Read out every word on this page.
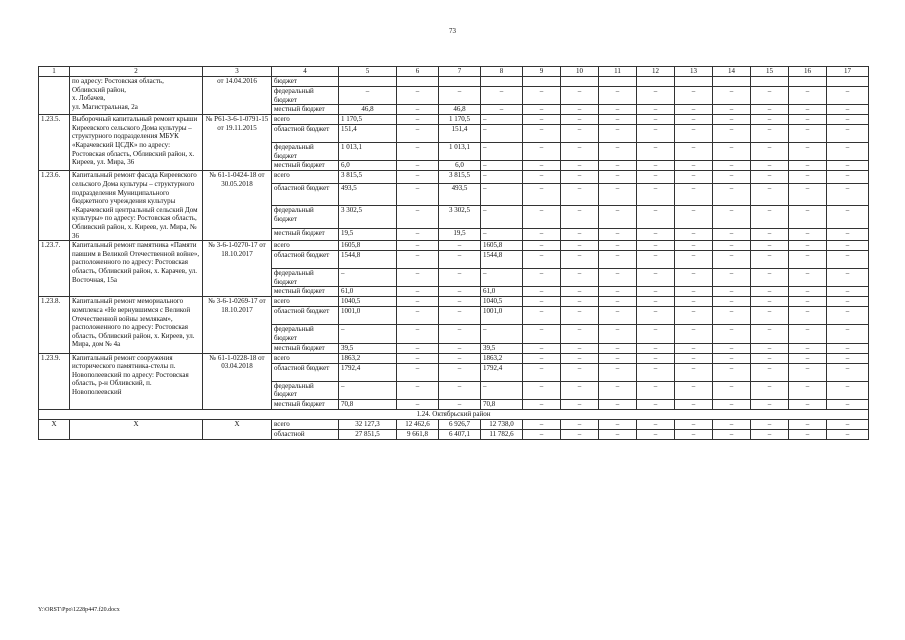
73
1	2	3	4	5	6	7	8	9	10	11	12	13	14	15	16	17

	по адресу: Ростовская область,
Обливский район,
х. Лобачев,
ул. Магистральная, 2а	от 14.04.2016	бюджет													
			федеральный бюджет	–	–	–	–	–	–	–	–	–	–	–	–	–
			местный бюджет	46,8	–	46,8	–	–	–	–	–	–	–	–	–	–
1.23.5.	Выборочный капитальный ремонт крыши Киреевского сельского Дома культуры – структурного подразделения МБУК «Карачевский ЦСДК» по адресу: Ростовская область, Обливский район, х. Киреев, ул. Мира, 36	№ Р61-3-6-1-0791-15 от 19.11.2015	всего	1 170,5	–	1 170,5	–	–	–	–	–	–	–	–	–	–
			областной бюджет	151,4	–	151,4	–	–	–	–	–	–	–	–	–	–
			федеральный бюджет	1 013,1	–	1 013,1	–	–	–	–	–	–	–	–	–	–
			местный бюджет	6,0	–	6,0	–	–	–	–	–	–	–	–	–	–
1.23.6.	Капитальный ремонт фасада Киреевского сельского Дома культуры – структурного подразделения Муниципального бюджетного учреждения культуры «Карачевский центральный сельский Дом культуры» по адресу: Ростовская область, Обливский район, х. Киреев, ул. Мира, № 36	№ 61-1-0424-18 от 30.05.2018	всего	3 815,5	–	3 815,5	–	–	–	–	–	–	–	–	–	–
			областной бюджет	493,5	–	493,5	–	–	–	–	–	–	–	–	–	–
			федеральный бюджет	3 302,5	–	3 302,5	–	–	–	–	–	–	–	–	–	–
			местный бюджет	19,5	–	19,5	–	–	–	–	–	–	–	–	–	–
1.23.7.	Капитальный ремонт памятника «Памяти павшим в Великой Отечественной войне», расположенного по адресу: Ростовская область, Обливский район, х. Карачев, ул. Восточная, 15а	№ 3-6-1-0270-17 от 18.10.2017	всего	1605,8	–	–	1605,8	–	–	–	–	–	–	–	–	–
			областной бюджет	1544,8	–	–	1544,8	–	–	–	–	–	–	–	–	–
			федеральный бюджет	–	–	–	–	–	–	–	–	–	–	–	–	–
			местный бюджет	61,0	–	–	61,0	–	–	–	–	–	–	–	–	–
1.23.8.	Капитальный ремонт мемориального комплекса «Не вернувшимся с Великой Отечественной войны землякам», расположенного по адресу: Ростовская область, Обливский район, х. Киреев, ул. Мира, дом № 4а	№ 3-6-1-0269-17 от 18.10.2017	всего	1040,5	–	–	1040,5	–	–	–	–	–	–	–	–	–
			областной бюджет	1001,0	–	–	1001,0	–	–	–	–	–	–	–	–	–
			федеральный бюджет	–	–	–	–	–	–	–	–	–	–	–	–	–
			местный бюджет	39,5	–	–	39,5	–	–	–	–	–	–	–	–	–
1.23.9.	Капитальный ремонт сооружения исторического памятника-стелы п. Новополеевский по адресу: Ростовская область, р-н Обливский, п. Новополеевский	№ 61-1-0228-18 от 03.04.2018	всего	1863,2	–	–	1863,2	–	–	–	–	–	–	–	–	–
			областной бюджет	1792,4	–	–	1792,4	–	–	–	–	–	–	–	–	–
			федеральный бюджет	–	–	–	–	–	–	–	–	–	–	–	–	–
			местный бюджет	70,8	–	–	70,8	–	–	–	–	–	–	–	–	–
1.24. Октябрьский район																
Х	Х	Х	всего	32 127,3	12 462,6	6 926,7	12 738,0	–	–	–	–	–	–	–	–	–
			областной	27 851,5	9 661,8	6 407,1	11 782,6	–	–	–	–	–	–	–	–	–
Y:\ORST\Ppo\1228p447.f20.docx
